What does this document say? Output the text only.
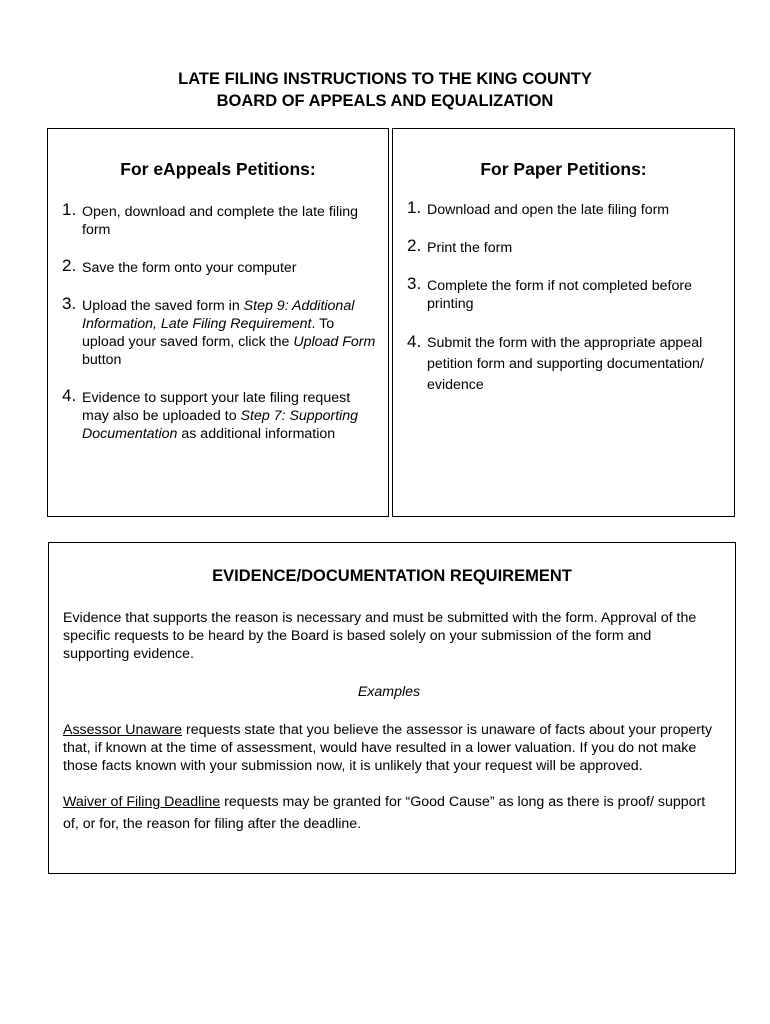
LATE FILING INSTRUCTIONS TO THE KING COUNTY
BOARD OF APPEALS AND EQUALIZATION
For eAppeals Petitions:
1. Open, download and complete the late filing form
2. Save the form onto your computer
3. Upload the saved form in Step 9: Additional Information, Late Filing Requirement. To upload your saved form, click the Upload Form button
4. Evidence to support your late filing request may also be uploaded to Step 7: Supporting Documentation as additional information
For Paper Petitions:
1. Download and open the late filing form
2. Print the form
3. Complete the form if not completed before printing
4. Submit the form with the appropriate appeal petition form and supporting documentation/ evidence
EVIDENCE/DOCUMENTATION REQUIREMENT

Evidence that supports the reason is necessary and must be submitted with the form. Approval of the specific requests to be heard by the Board is based solely on your submission of the form and supporting evidence.

Examples

Assessor Unaware requests state that you believe the assessor is unaware of facts about your property that, if known at the time of assessment, would have resulted in a lower valuation. If you do not make those facts known with your submission now, it is unlikely that your request will be approved.

Waiver of Filing Deadline requests may be granted for “Good Cause” as long as there is proof/ support of, or for, the reason for filing after the deadline.
